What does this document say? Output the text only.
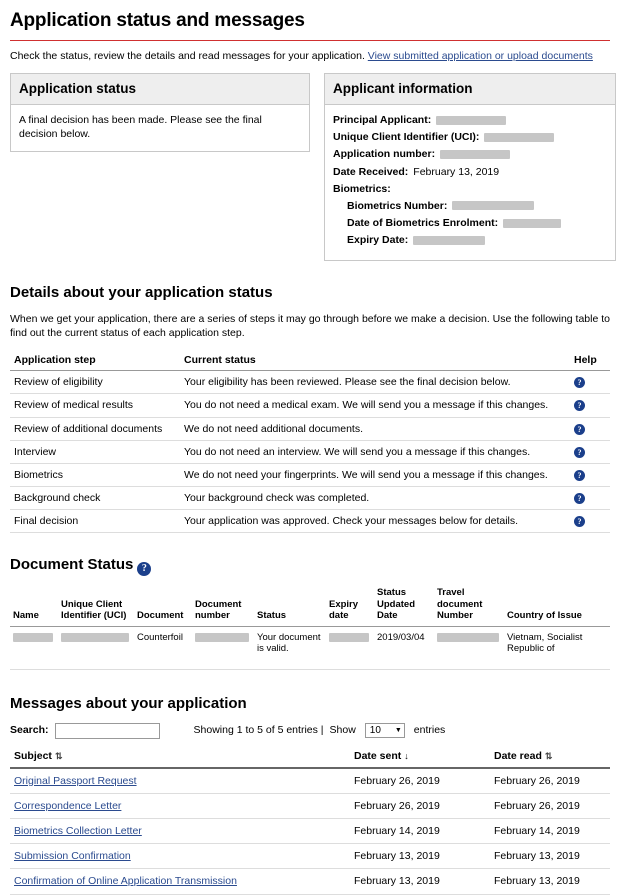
Application status and messages

Check the status, review the details and read messages for your application. View submitted application or upload documents

Application status
A final decision has been made. Please see the final decision below.
Applicant information
Principal Applicant:
Unique Client Identifier (UCI):
Application number:
Date Received: February 13, 2019
Biometrics:
Biometrics Number:
Date of Biometrics Enrolment:
Expiry Date:
Details about your application status

When we get your application, there are a series of steps it may go through before we make a decision. Use the following table to find out the current status of each application step.

Application step	Current status	Help
Review of eligibility	Your eligibility has been reviewed. Please see the final decision below.	?
Review of medical results	You do not need a medical exam. We will send you a message if this changes.	?
Review of additional documents	We do not need additional documents.	?
Interview	You do not need an interview. We will send you a message if this changes.	?
Biometrics	We do not need your fingerprints. We will send you a message if this changes.	?
Background check	Your background check was completed.	?
Final decision	Your application was approved. Check your messages below for details.	?
Document Status ?
Name	Unique Client Identifier (UCI)	Document	Document number	Status	Expiry date	Status Updated Date	Travel document Number	Country of Issue
		Counterfoil		Your document is valid.		2019/03/04		Vietnam, Socialist Republic of
Messages about your application
Search:	Showing 1 to 5 of 5 entries | Show 10 ▼ entries
Subject ⇅	Date sent ↓	Date read ⇅
Original Passport Request	February 26, 2019	February 26, 2019
Correspondence Letter	February 26, 2019	February 26, 2019
Biometrics Collection Letter	February 14, 2019	February 14, 2019
Submission Confirmation	February 13, 2019	February 13, 2019
Confirmation of Online Application Transmission	February 13, 2019	February 13, 2019
